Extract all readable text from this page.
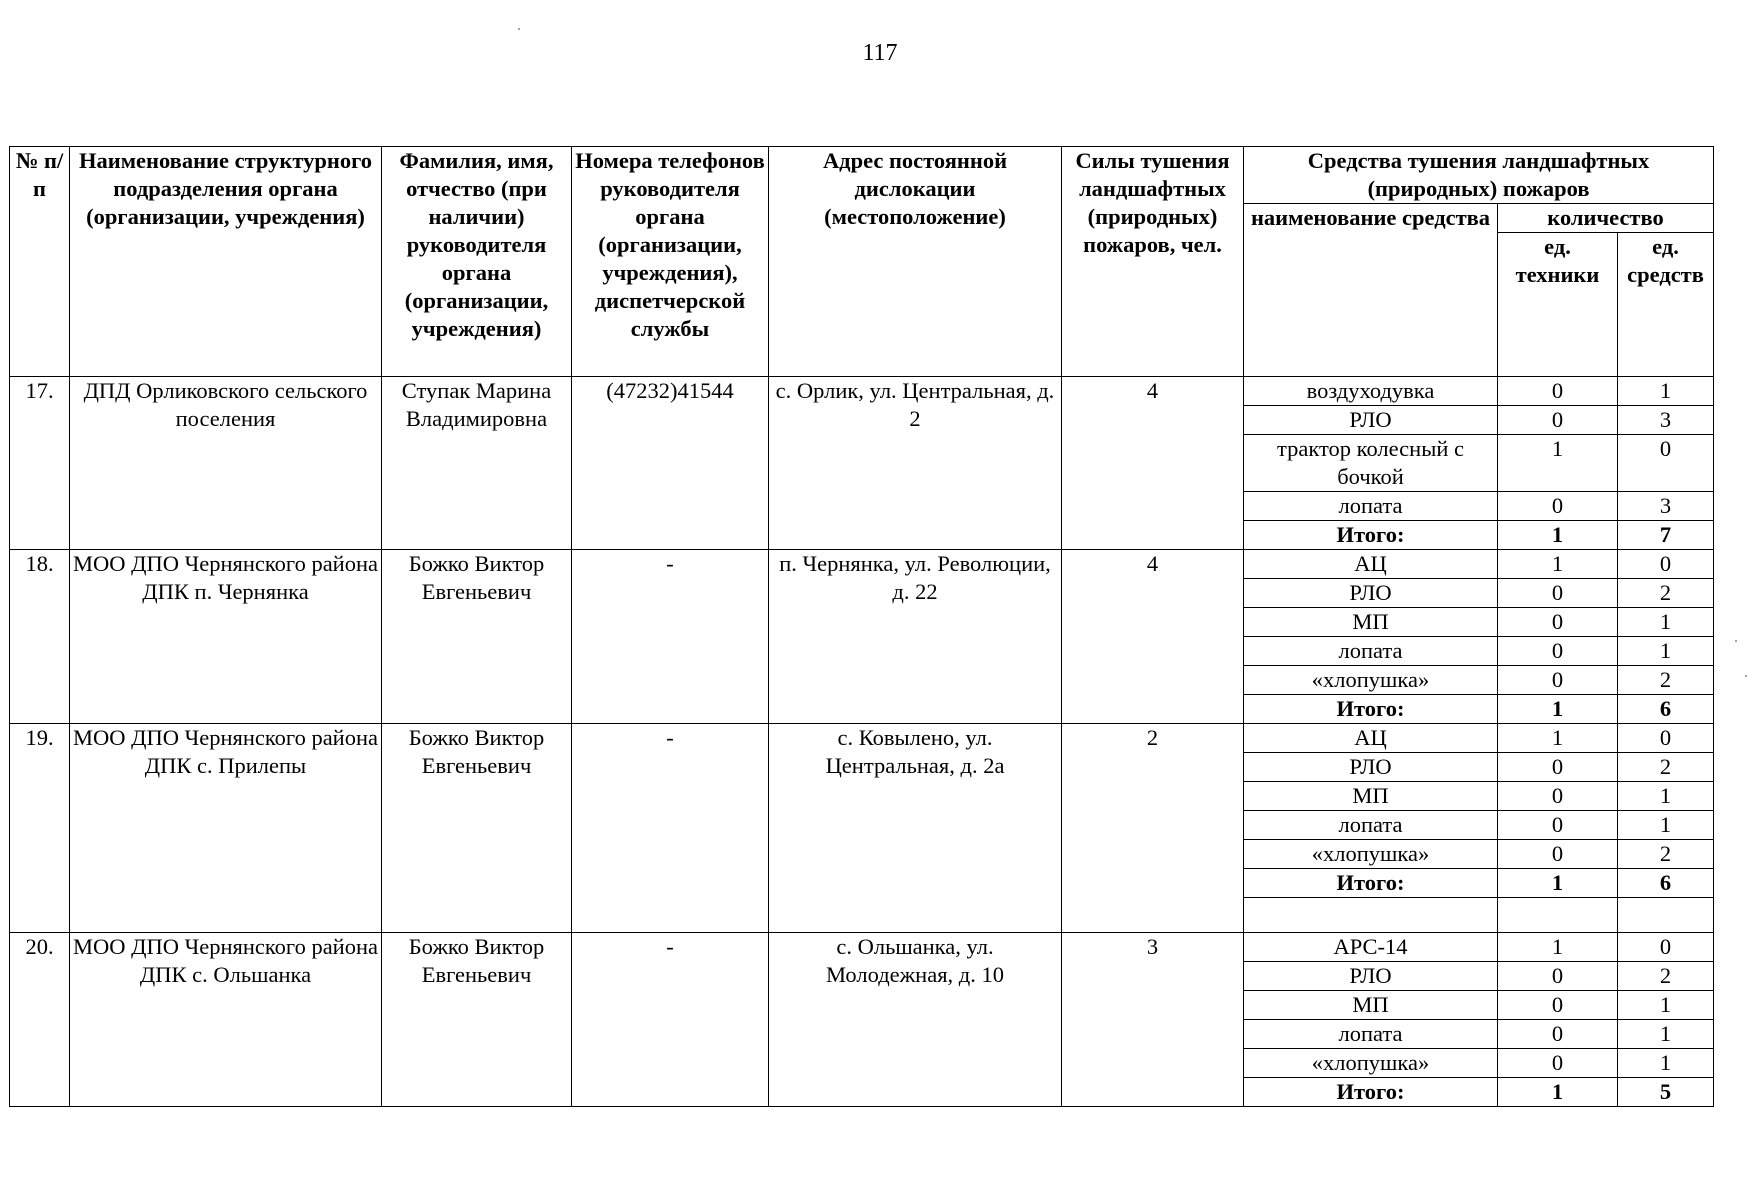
117
№ п/п	Наименование структурного подразделения органа (организации, учреждения)	Фамилия, имя, отчество (при наличии) руководителя органа (организации, учреждения)	Номера телефонов руководителя органа (организации, учреждения), диспетчерской службы	Адрес постоянной дислокации (местоположение)	Силы тушения ландшафтных (природных) пожаров, чел.	Средства тушения ландшафтных (природных) пожаров		
						наименование средства	количество	
							ед. техники	ед. средств
17.	ДПД Орликовского сельского поселения	Ступак Марина Владимировна	(47232)41544	с. Орлик, ул. Центральная, д. 2	4	воздуходувка	0	1
						РЛО	0	3
						трактор колесный с бочкой	1	0
						лопата	0	3
						Итого:	1	7
18.	МОО ДПО Чернянского района ДПК п. Чернянка	Божко Виктор Евгеньевич	-	п. Чернянка, ул. Революции, д. 22	4	АЦ	1	0
						РЛО	0	2
						МП	0	1
						лопата	0	1
						«хлопушка»	0	2
						Итого:	1	6
19.	МОО ДПО Чернянского района ДПК с. Прилепы	Божко Виктор Евгеньевич	-	с. Ковылено, ул. Центральная, д. 2а	2	АЦ	1	0
						РЛО	0	2
						МП	0	1
						лопата	0	1
						«хлопушка»	0	2
						Итого:	1	6

20.	МОО ДПО Чернянского района ДПК с. Ольшанка	Божко Виктор Евгеньевич	-	с. Ольшанка, ул. Молодежная, д. 10	3	АРС-14	1	0
						РЛО	0	2
						МП	0	1
						лопата	0	1
						«хлопушка»	0	1
						Итого:	1	5
